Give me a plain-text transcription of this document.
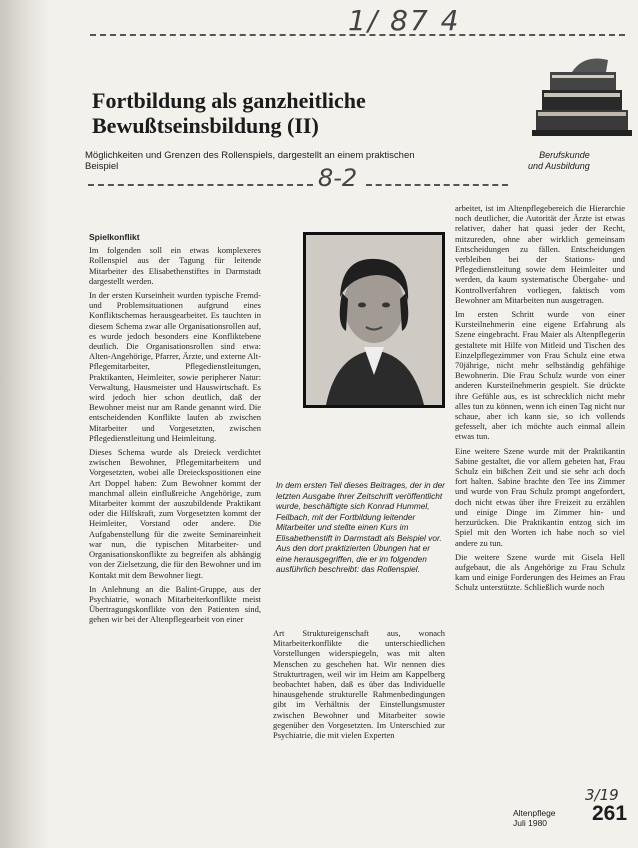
1/ 87 4
Fortbildung als ganzheitliche
Bewußtseinsbildung (II)

Möglichkeiten und Grenzen des Rollenspiels, dargestellt an einem praktischen Beispiel

Berufskunde
und Ausbildung

8-2
Spielkonflikt

Im folgenden soll ein etwas komplexeres Rollenspiel aus der Tagung für leitende Mitarbeiter des Elisabethenstiftes in Darmstadt dargestellt werden.

In der ersten Kurseinheit wurden typische Fremd- und Problemsituationen aufgrund eines Konfliktschemas herausgearbeitet. Es tauchten in diesem Schema zwar alle Organisationsrollen auf, es wurde jedoch besonders eine Konfliktebene deutlich. Die Organisationsrollen sind etwa: Alten-Angehörige, Pfarrer, Ärzte, und externe Alt-Pflegemitarbeiter, Pflegedienstleitungen, Praktikanten, Heimleiter, sowie peripherer Natur: Verwaltung, Hausmeister und Hauswirtschaft. Es wird jedoch hier schon deutlich, daß der Bewohner meist nur am Rande genannt wird. Die entscheidenden Konflikte laufen ab zwischen Mitarbeiter und Vorgesetzten, zwischen Pflegedienstleitung und Heimleitung.

Dieses Schema wurde als Dreieck verdichtet zwischen Bewohner, Pflegemitarbeitern und Vorgesetzten, wobei alle Dreieckspositionen eine Art Doppel haben: Zum Bewohner kommt der manchmal allein einflußreiche Angehörige, zum Mitarbeiter kommt der auszubildende Praktikant oder die Hilfskraft, zum Vorgesetzten kommt der Heimleiter, Vorstand oder andere. Die Aufgabenstellung für die zweite Seminareinheit war nun, die typischen Mitarbeiter- und Organisationskonflikte zu begreifen als abhängig von der Zielsetzung, die für den Bewohner und im Kontakt mit dem Bewohner liegt.

In Anlehnung an die Balint-Gruppe, aus der Psychiatrie, wonach Mitarbeiterkonflikte meist Übertragungskonflikte von den Patienten sind, gehen wir bei der Altenpflegearbeit von einer

In dem ersten Teil dieses Beitrages, der in der letzten Ausgabe Ihrer Zeitschrift veröffentlicht wurde, beschäftigte sich Konrad Hummel, Feilbach, mit der Fortbildung leitender Mitarbeiter und stellte einen Kurs im Elisabethenstift in Darmstadt als Beispiel vor. Aus den dort praktizierten Übungen hat er eine herausgegriffen, die er im folgenden ausführlich beschreibt: das Rollenspiel.

Art Struktureigenschaft aus, wonach Mitarbeiterkonflikte die unterschiedlichen Vorstellungen widerspiegeln, was mit alten Menschen zu geschehen hat. Wir nennen dies Strukturtragen, weil wir im Heim am Kappelberg beobachtet haben, daß es über das Individuelle hinausgehende strukturelle Rahmenbedingungen gibt im Verhältnis der Einstellungsmuster zwischen Bewohner und Mitarbeiter sowie gegenüber den Vorgesetzten. Im Unterschied zur Psychiatrie, die mit vielen Experten

arbeitet, ist im Altenpflegebereich die Hierarchie noch deutlicher, die Autorität der Ärzte ist etwas relativer, daher hat quasi jeder der Recht, mitzureden, ohne aber wirklich gemeinsam Entscheidungen zu fällen. Entscheidungen verbleiben bei der Stations- und Pflegedienstleitung sowie dem Heimleiter und werden, da kaum systematische Übergabe- und Kontrollverfahren vorliegen, faktisch vom Bewohner am Mitarbeiten nun ausgetragen.

Im ersten Schritt wurde von einer Kursteilnehmerin eine eigene Erfahrung als Szene eingebracht. Frau Maier als Altenpflegerin gestaltete mit Hilfe von Mitleid und Tischen des Einzelpflegezimmer von Frau Schulz eine etwa 70jährige, nicht mehr selbständig gehfähige Bewohnerin. Die Frau Schulz wurde von einer anderen Kursteilnehmerin gespielt. Sie drückte ihre Gefühle aus, es ist schrecklich nicht mehr alles tun zu können, wenn ich einen Tag nicht nur schaue, aber ich kann sie, so ich vollends gefesselt, aber ich möchte auch einmal allein etwas tun.

Eine weitere Szene wurde mit der Praktikantin Sabine gestaltet, die vor allem gebeten hat, Frau Schulz ein bißchen Zeit und sie sehr ach doch fort halten. Sabine brachte den Tee ins Zimmer und wurde von Frau Schulz prompt angefordert, doch nicht etwas über ihre Freizeit zu erzählen und einige Dinge im Zimmer hin- und herzurücken. Die Praktikantin entzog sich im Spiel mit den Worten ich habe noch so viel andere zu tun.

Die weitere Szene wurde mit Gisela Hell aufgebaut, die als Angehörige zu Frau Schulz kam und einige Forderungen des Heimes an Frau Schulz unterstützte. Schließlich wurde noch

3/19

Altenpflege
Juli 1980	261
